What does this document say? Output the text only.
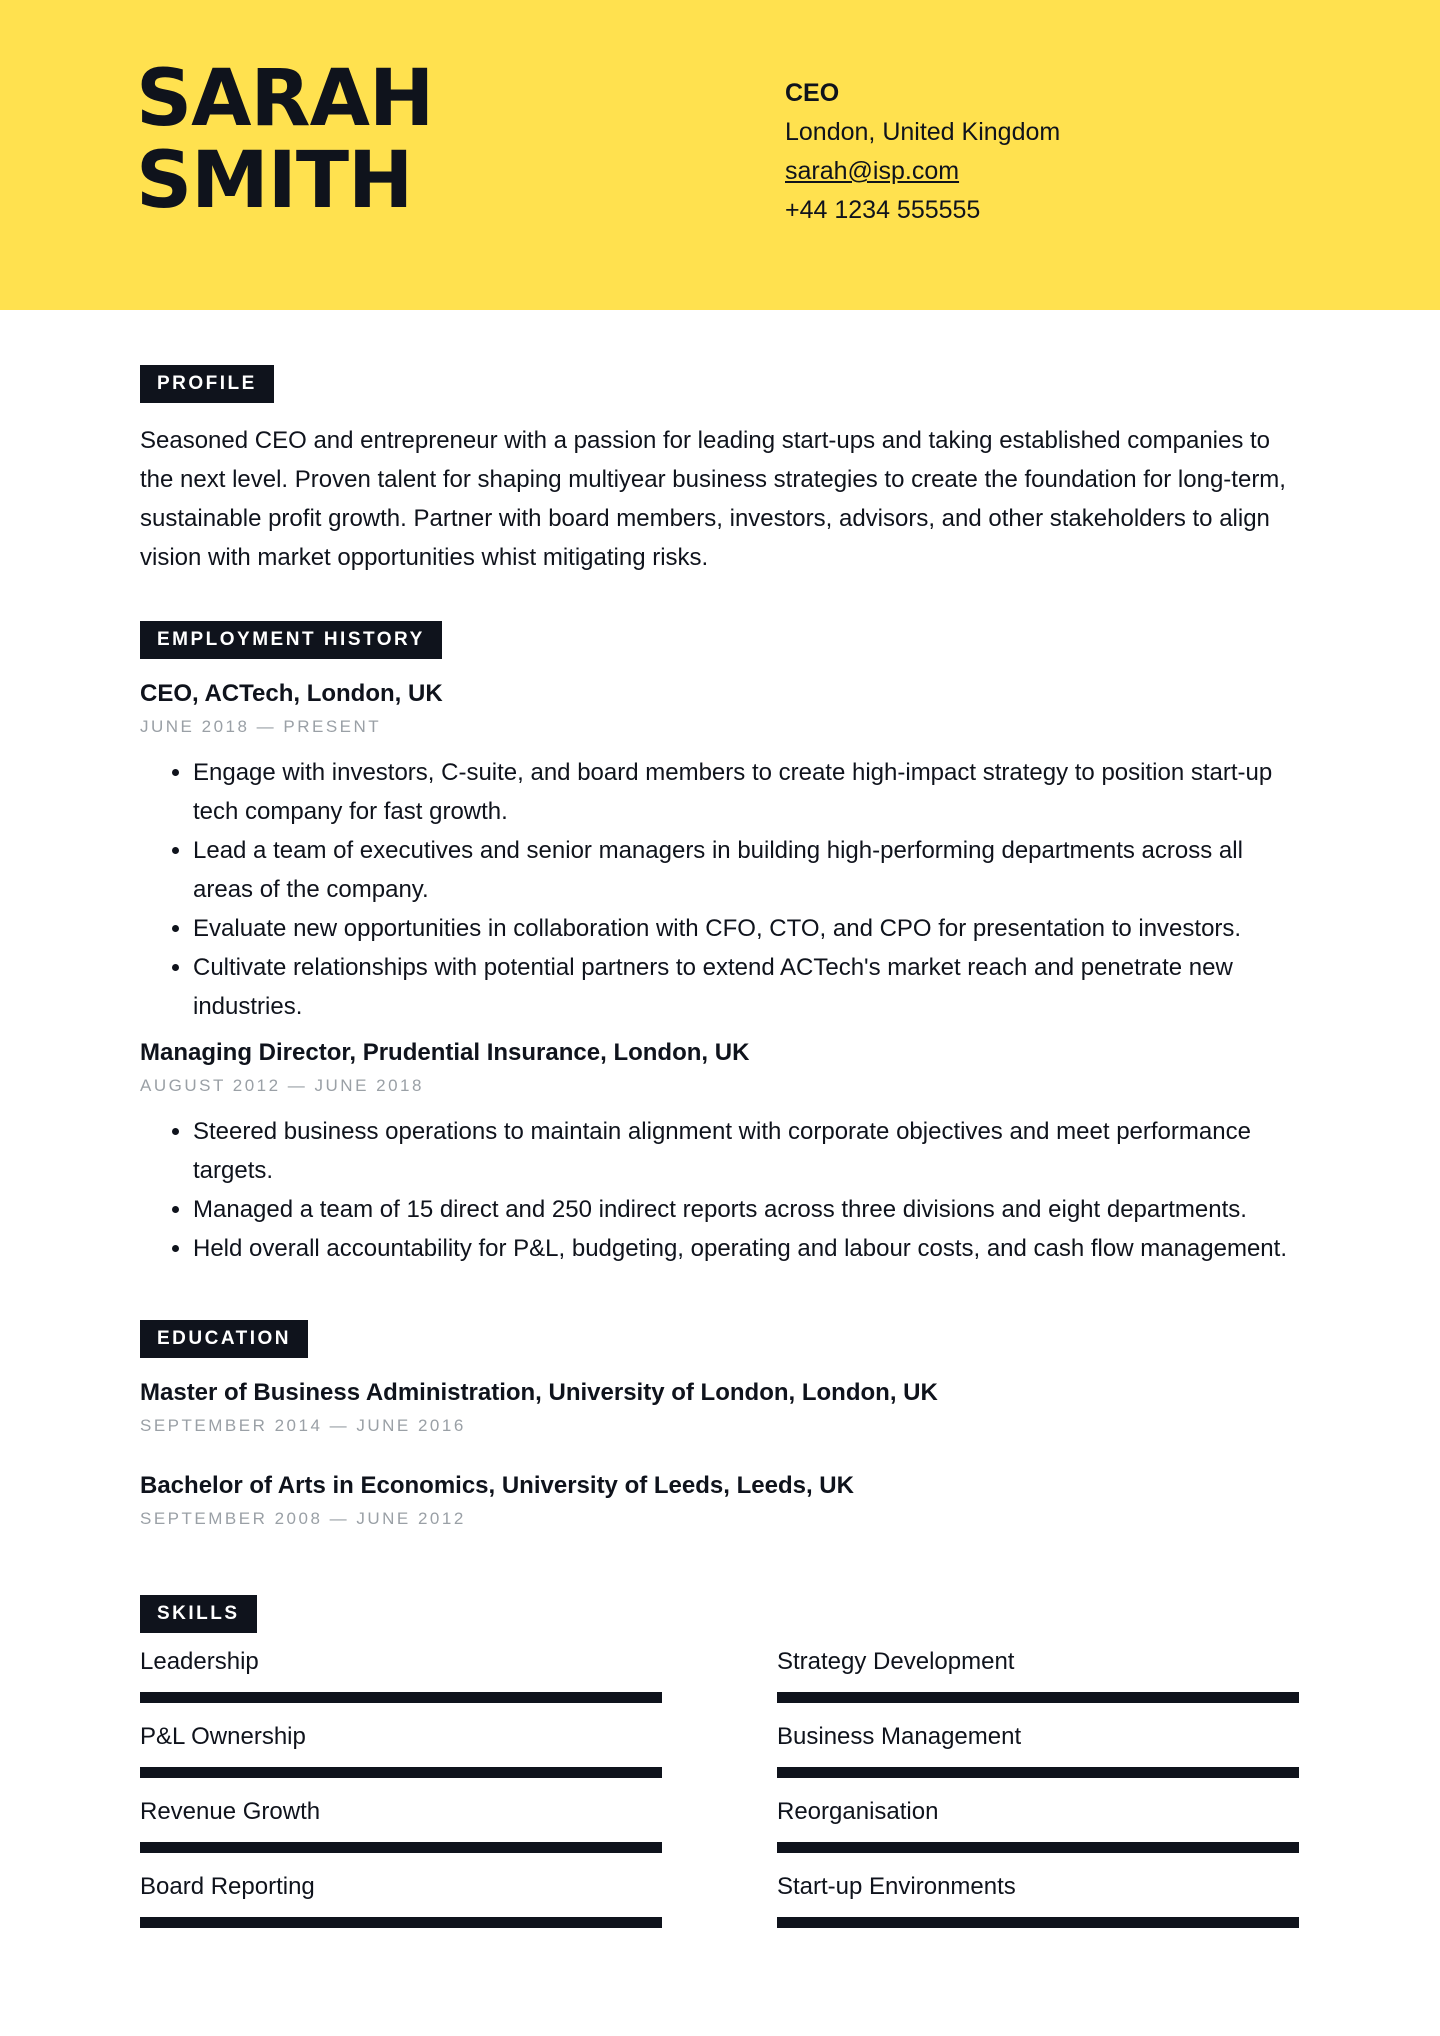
SARAH
SMITH
CEO
London, United Kingdom
sarah@isp.com
+44 1234 555555
PROFILE
Seasoned CEO and entrepreneur with a passion for leading start-ups and taking established companies to the next level. Proven talent for shaping multiyear business strategies to create the foundation for long-term, sustainable profit growth. Partner with board members, investors, advisors, and other stakeholders to align vision with market opportunities whist mitigating risks.
EMPLOYMENT HISTORY
CEO, ACTech, London, UK
JUNE 2018 — PRESENT
• Engage with investors, C-suite, and board members to create high-impact strategy to position start-up tech company for fast growth.
• Lead a team of executives and senior managers in building high-performing departments across all areas of the company.
• Evaluate new opportunities in collaboration with CFO, CTO, and CPO for presentation to investors.
• Cultivate relationships with potential partners to extend ACTech's market reach and penetrate new industries.
Managing Director, Prudential Insurance, London, UK
AUGUST 2012 — JUNE 2018
• Steered business operations to maintain alignment with corporate objectives and meet performance targets.
• Managed a team of 15 direct and 250 indirect reports across three divisions and eight departments.
• Held overall accountability for P&L, budgeting, operating and labour costs, and cash flow management.
EDUCATION
Master of Business Administration, University of London, London, UK
SEPTEMBER 2014 — JUNE 2016
Bachelor of Arts in Economics, University of Leeds, Leeds, UK
SEPTEMBER 2008 — JUNE 2012
SKILLS
Leadership	Strategy Development
P&L Ownership	Business Management
Revenue Growth	Reorganisation
Board Reporting	Start-up Environments
